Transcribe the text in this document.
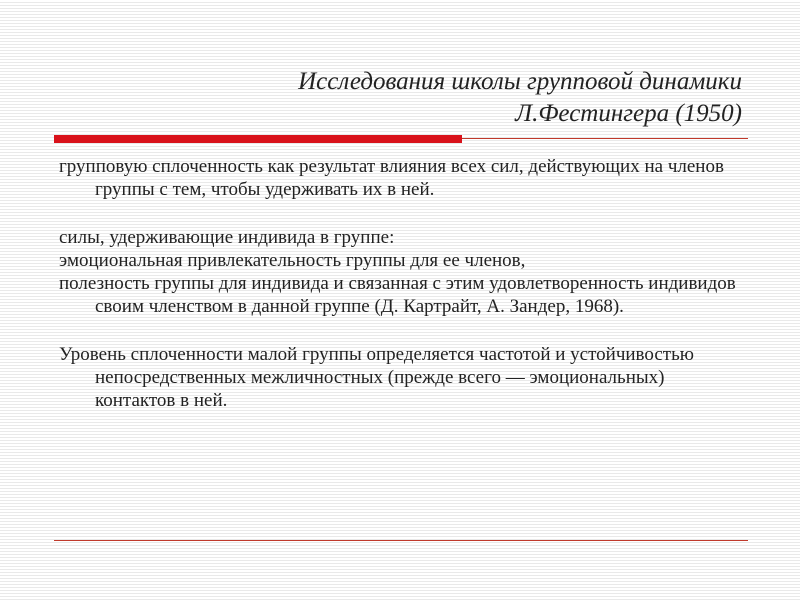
Исследования школы групповой динамики
Л.Фестингера (1950)

групповую сплоченность как результат влияния всех сил, действующих на членов группы с тем, чтобы удерживать их в ней.

силы, удерживающие индивида в группе:

эмоциональная привлекательность группы для ее членов,

полезность группы для индивида и связанная с этим удовлетворенность индивидов своим членством в данной группе (Д. Картрайт, А. Зандер, 1968).

Уровень сплоченности малой группы определяется частотой и устойчивостью непосредственных межличностных (прежде всего — эмоциональных) контактов в ней.
